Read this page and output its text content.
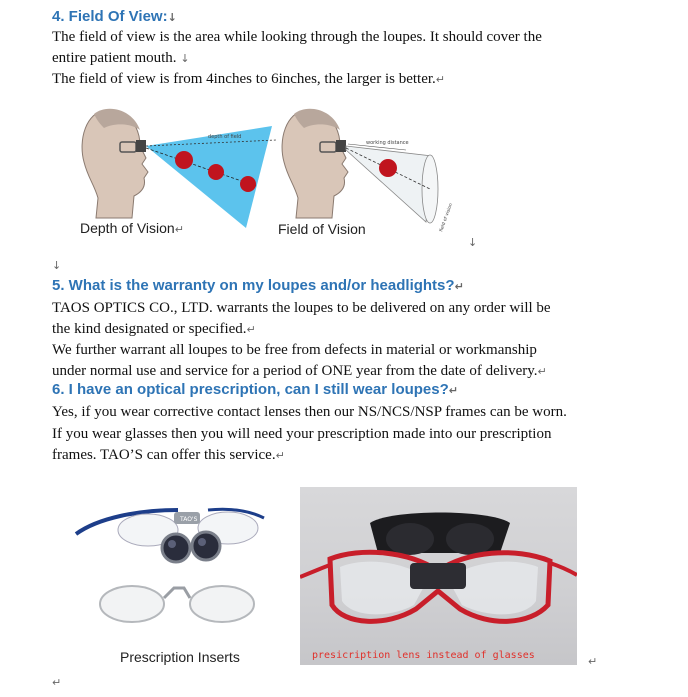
4. Field Of View:↓
The field of view is the area while looking through the loupes. It should cover the
entire patient mouth. ↓
The field of view is from 4inches to 6inches, the larger is better.↵
depth of field
working distance
field of vision
Depth of Vision↵	Field of Vision
↓
↓
5. What is the warranty on my loupes and/or headlights?↵
TAOS OPTICS CO., LTD. warrants the loupes to be delivered on any order will be
the kind designated or specified.↵
We further warrant all loupes to be free from defects in material or workmanship
under normal use and service for a period of ONE year from the date of delivery.↵
6. I have an optical prescription, can I still wear loupes?↵
Yes, if you wear corrective contact lenses then our NS/NCS/NSP frames can be worn.
If you wear glasses then you will need your prescription made into our prescription
frames. TAO’S can offer this service.↵
TAO'S
Prescription Inserts	presicription lens instead of glasses	↵
↵
